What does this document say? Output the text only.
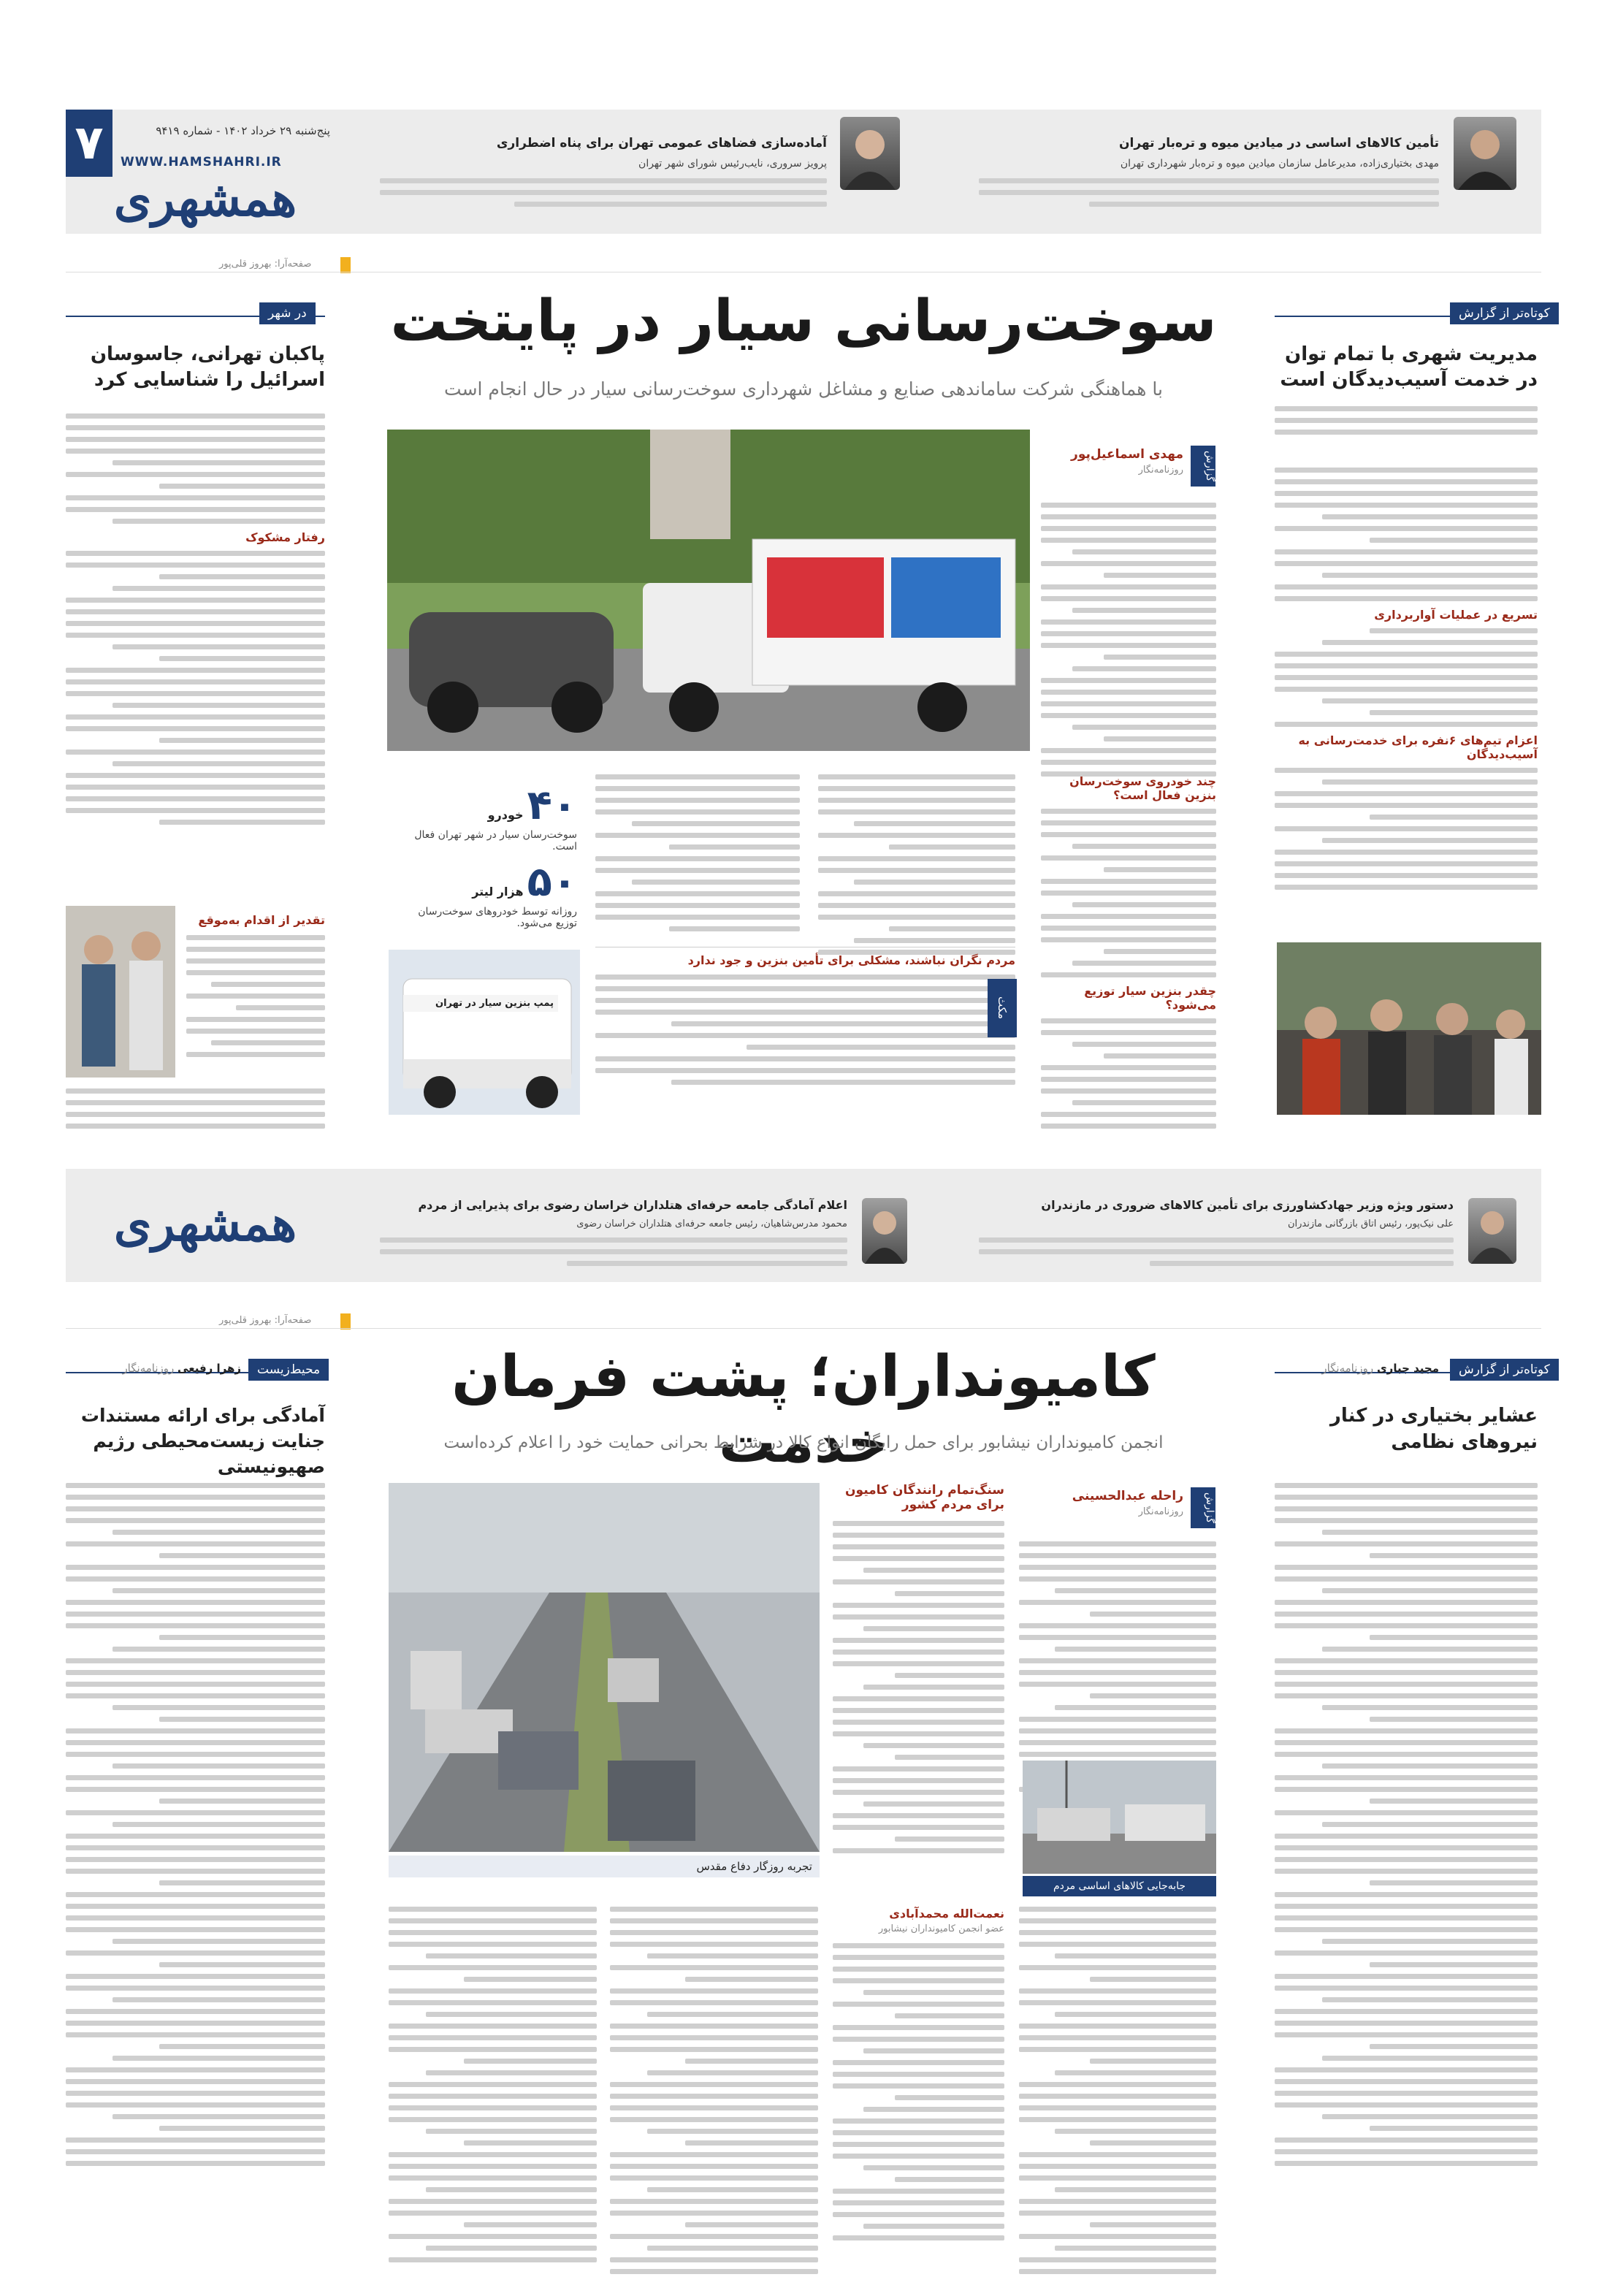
۷	پنج‌شنبه ۲۹ خرداد ۱۴۰۲ - شماره ۹۴۱۹
WWW.HAMSHAHRI.IR
همشهری
آماده‌سازی فضاهای عمومی تهران برای پناه اضطراری
پرویز سروری، نایب‌رئیس شورای شهر تهران
تأمین کالاهای اساسی در میادین میوه و تره‌بار تهران
مهدی بختیاری‌زاده، مدیرعامل سازمان میادین میوه و تره‌بار شهرداری تهران
صفحه‌آرا: بهروز قلی‌پور
سوخت‌رسانی سیار در پایتخت
با هماهنگی شرکت ساماندهی صنایع و مشاغل شهرداری سوخت‌رسانی سیار در حال انجام است
گزارش
مهدی اسماعیل‌پور
روزنامه‌نگار
چند خودروی سوخت‌رسان بنزین فعال است؟
چقدر بنزین سیار توزیع می‌شود؟
مردم نگران نباشند، مشکلی برای تأمین بنزین و جود ندارد
مکث
۴۰ خودرو
سوخت‌رسان سیار در شهر تهران فعال است.
۵۰ هزار لیتر
روزانه توسط خودروهای سوخت‌رسان توزیع می‌شود.
پمپ بنزین سیار در تهران
کوتاه‌تر از گزارش
مدیریت شهری با تمام توان در خدمت آسیب‌دیدگان است
تسریع در عملیات آواربرداری
اعزام تیم‌های ۶نفره برای خدمت‌رسانی به آسیب‌دیدگان
در شهر
پاکبان تهرانی، جاسوسان اسرائیل را شناسایی کرد
رفتار مشکوک
تقدیر از اقدام به‌موقع
همشهری	اعلام آمادگی جامعه حرفه‌ای هتلداران خراسان رضوی برای پذیرایی از مردم
محمود مدرس‌شاهیان، رئیس جامعه حرفه‌ای هتلداران خراسان رضوی
دستور ویژه وزیر جهادکشاورزی برای تأمین کالاهای ضروری در مازندران
علی نیک‌پور، رئیس اتاق بازرگانی مازندران
صفحه‌آرا: بهروز قلی‌پور
کامیونداران؛ پشت فرمان خدمت
انجمن کامیونداران نیشابور برای حمل رایگان انواع کالا در شرایط بحرانی حمایت خود را اعلام کرده‌است
تجربه روزگار دفاع مقدس
سنگ‌تمام رانندگان کامیون برای مردم کشور	گزارش
راحله عبدالحسینی
روزنامه‌نگار
جابه‌جایی کالاهای اساسی مردم
نعمت‌الله محمدآبادی
عضو انجمن کامیونداران نیشابور
کوتاه‌تر از گزارش
مجید جباری روزنامه‌نگار
عشایر بختیاری در کنار نیروهای نظامی
محیط‌زیست
زهرا رفیعی روزنامه‌نگار
آمادگی برای ارائه مستندات جنایت زیست‌محیطی رژیم صهیونیستی
